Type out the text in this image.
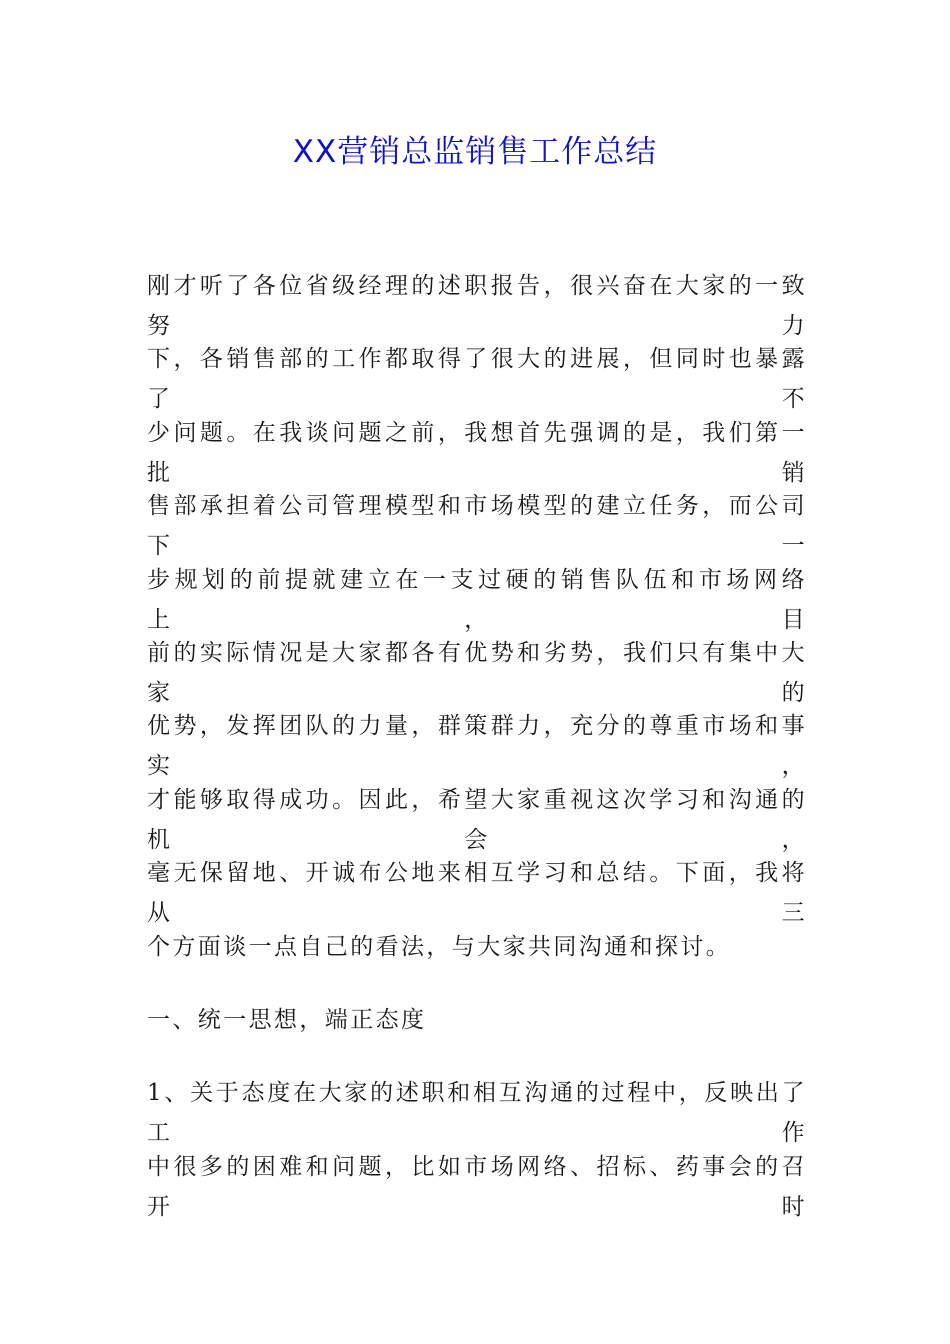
XX营销总监销售工作总结
刚才听了各位省级经理的述职报告，很兴奋在大家的一致努力
下，各销售部的工作都取得了很大的进展，但同时也暴露了不
少问题。在我谈问题之前，我想首先强调的是，我们第一批销
售部承担着公司管理模型和市场模型的建立任务，而公司下一
步规划的前提就建立在一支过硬的销售队伍和市场网络上，目
前的实际情况是大家都各有优势和劣势，我们只有集中大家的
优势，发挥团队的力量，群策群力，充分的尊重市场和事实，
才能够取得成功。因此，希望大家重视这次学习和沟通的机会，
毫无保留地、开诚布公地来相互学习和总结。下面，我将从三
个方面谈一点自己的看法，与大家共同沟通和探讨。
一、统一思想，端正态度
1、关于态度在大家的述职和相互沟通的过程中，反映出了工作
中很多的困难和问题，比如市场网络、招标、药事会的召开时
